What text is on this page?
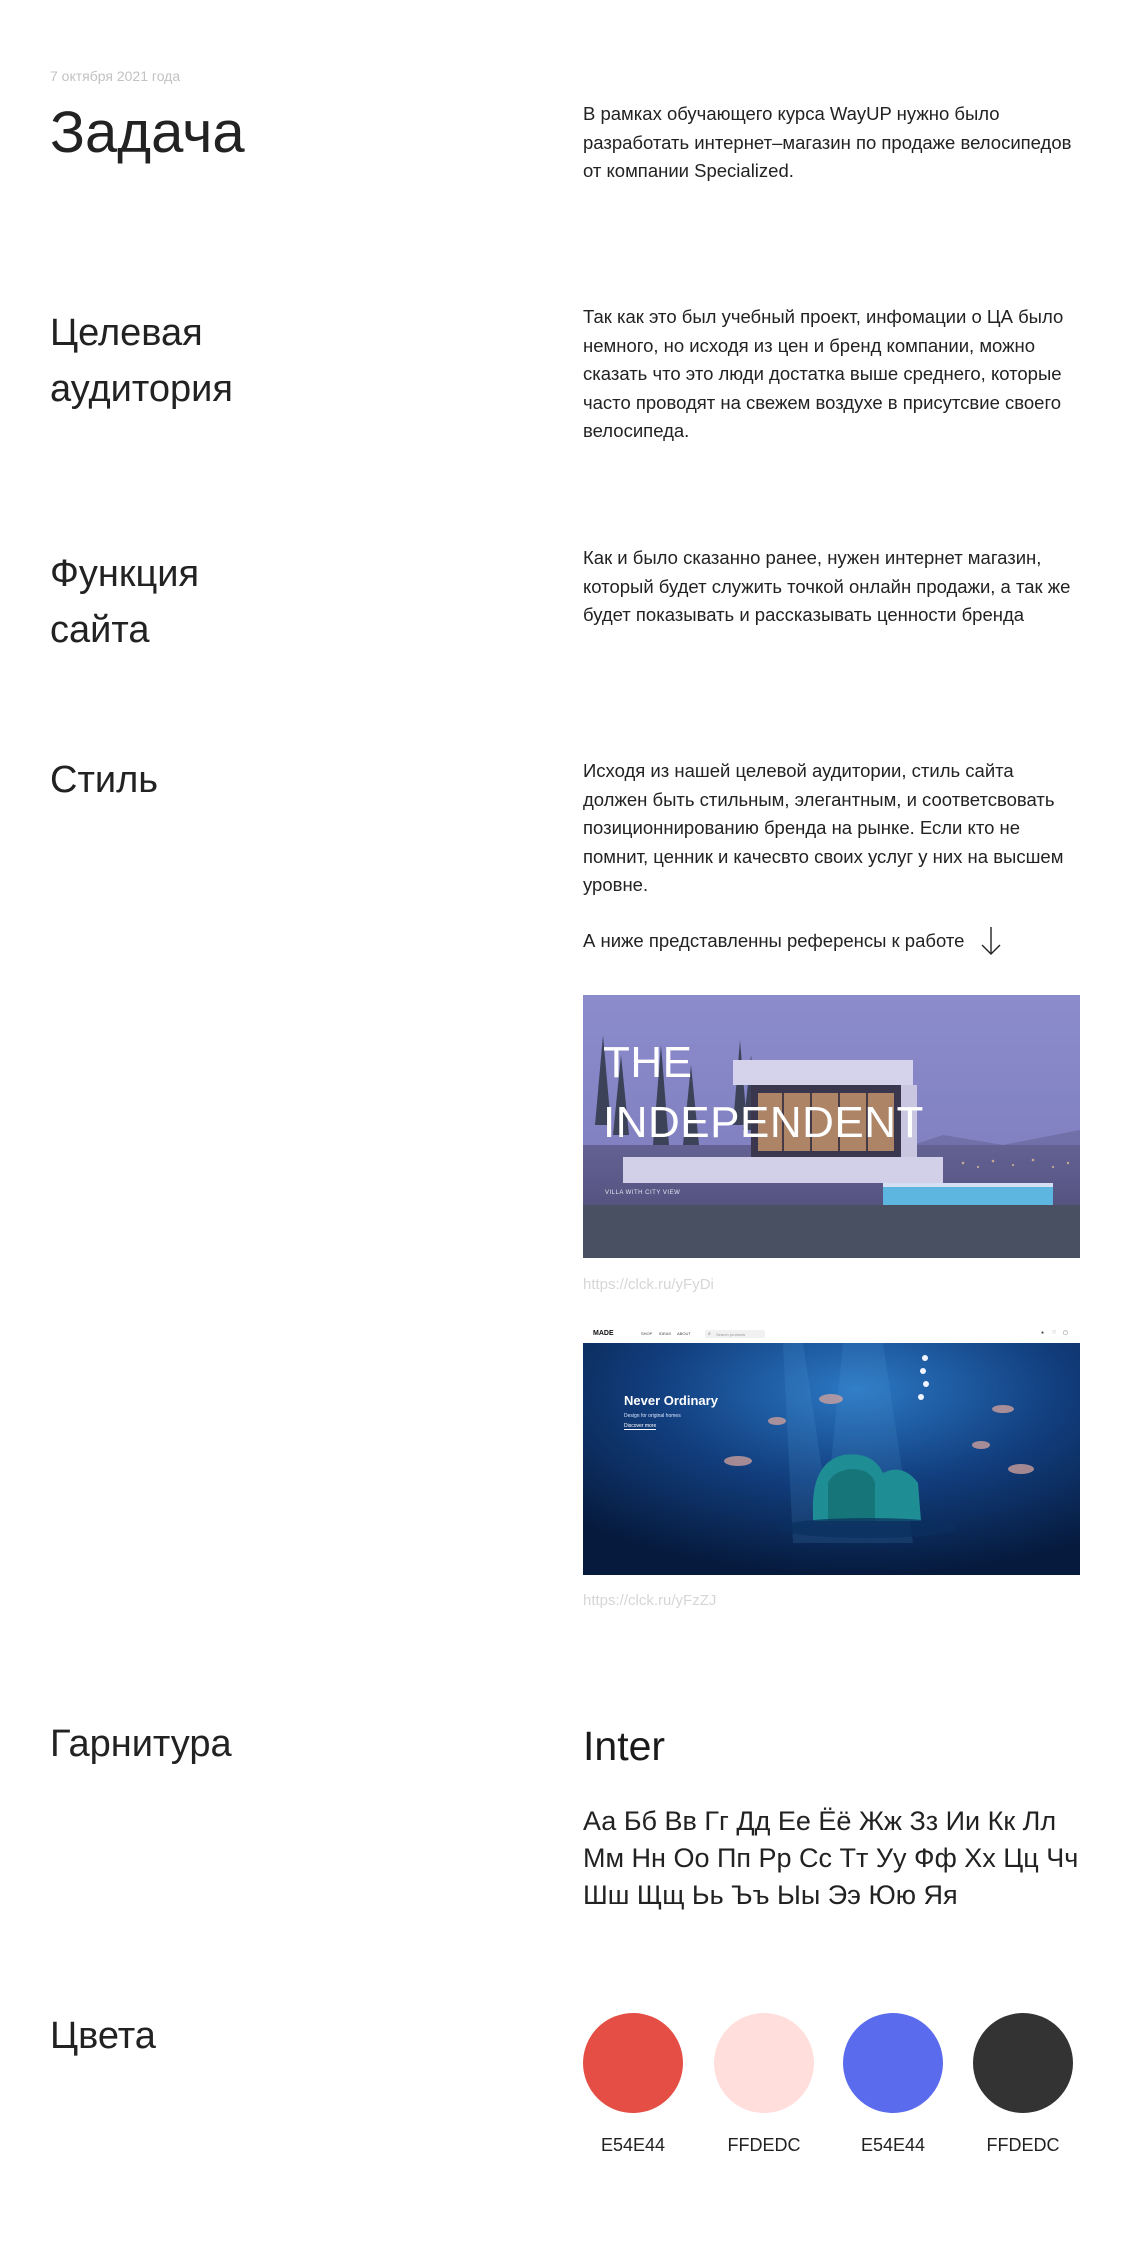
7 октября 2021 года
Задача	В рамках обучающего курса WayUP нужно было разработать интернет–магазин по продаже велосипедов от компании Specialized.
Целевая
аудитория
Так как это был учебный проект, инфомации о ЦА было немного, но исходя из цен и бренд компании, можно сказать что это люди достатка выше среднего, которые часто проводят на свежем воздухе в присутсвие своего велосипеда.
Функция
сайта
Как и было сказанно ранее, нужен интернет магазин, который будет служить точкой онлайн продажи, а так же будет показывать и рассказывать ценности бренда
Стиль	Исходя из нашей целевой аудитории, стиль сайта должен быть стильным, элегантным, и соответсвовать позиционнированию бренда на рынке. Если кто не помнит, ценник и качесвто своих услуг у них на высшем уровне.
А ниже представленны референсы к работе
THE
INDEPENDENT
VILLA WITH CITY VIEW
https://clck.ru/yFyDi
MADE	SHOP IDEAS ABOUT	⌕ Search products	● ♡ ▢
Never Ordinary
Design for original homes
Discover more
https://clck.ru/yFzZJ
Гарнитура	Inter
Аа Бб Вв Гг Дд Ее Ёё Жж Зз Ии Кк Лл Мм Нн Оо Пп Рр Сс Тт Уу Фф Хх Цц Чч Шш Щщ Ьь Ъъ Ыы Ээ Юю Яя
Цвета
E54E44	FFDEDC	E54E44	FFDEDC
